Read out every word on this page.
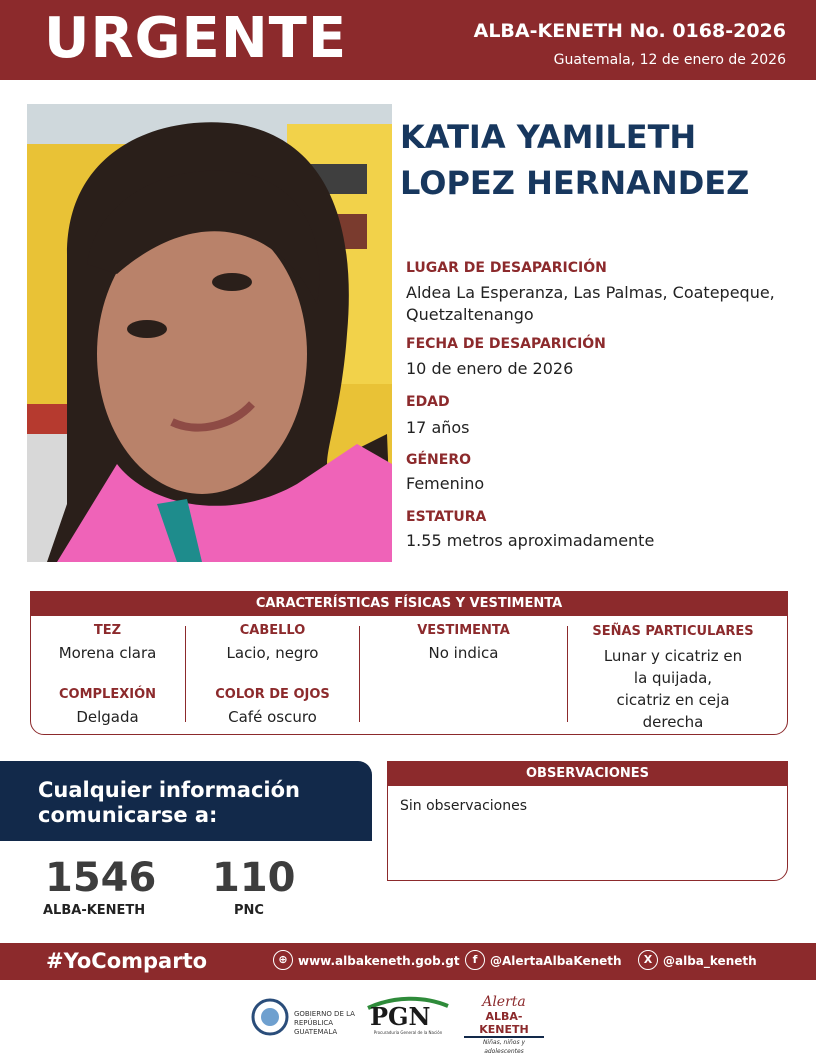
URGENTE	ALBA-KENETH No. 0168-2026
Guatemala, 12 de enero de 2026
KATIA YAMILETH
LOPEZ HERNANDEZ
LUGAR DE DESAPARICIÓN
Aldea La Esperanza, Las Palmas, Coatepeque,
Quetzaltenango
FECHA DE DESAPARICIÓN
10 de enero de 2026
EDAD
17 años
GÉNERO
Femenino
ESTATURA
1.55 metros aproximadamente
CARACTERÍSTICAS FÍSICAS Y VESTIMENTA
TEZ
Morena clara
COMPLEXIÓN
Delgada
CABELLO
Lacio, negro
COLOR DE OJOS
Café oscuro
VESTIMENTA
No indica
SEÑAS PARTICULARES
Lunar y cicatriz en
la quijada,
cicatriz en ceja
derecha
Cualquier información
comunicarse a:
1546
ALBA-KENETH
110
PNC
OBSERVACIONES
Sin observaciones
#YoComparto	⊕ www.albakeneth.gob.gt	f	@AlertaAlbaKeneth	X @alba_keneth
GOBIERNO DE LA REPÚBLICA GUATEMALA
PGN
Procuraduría General de la Nación
Alerta
ALBA-KENETH
Niñas, niños y adolescentes
